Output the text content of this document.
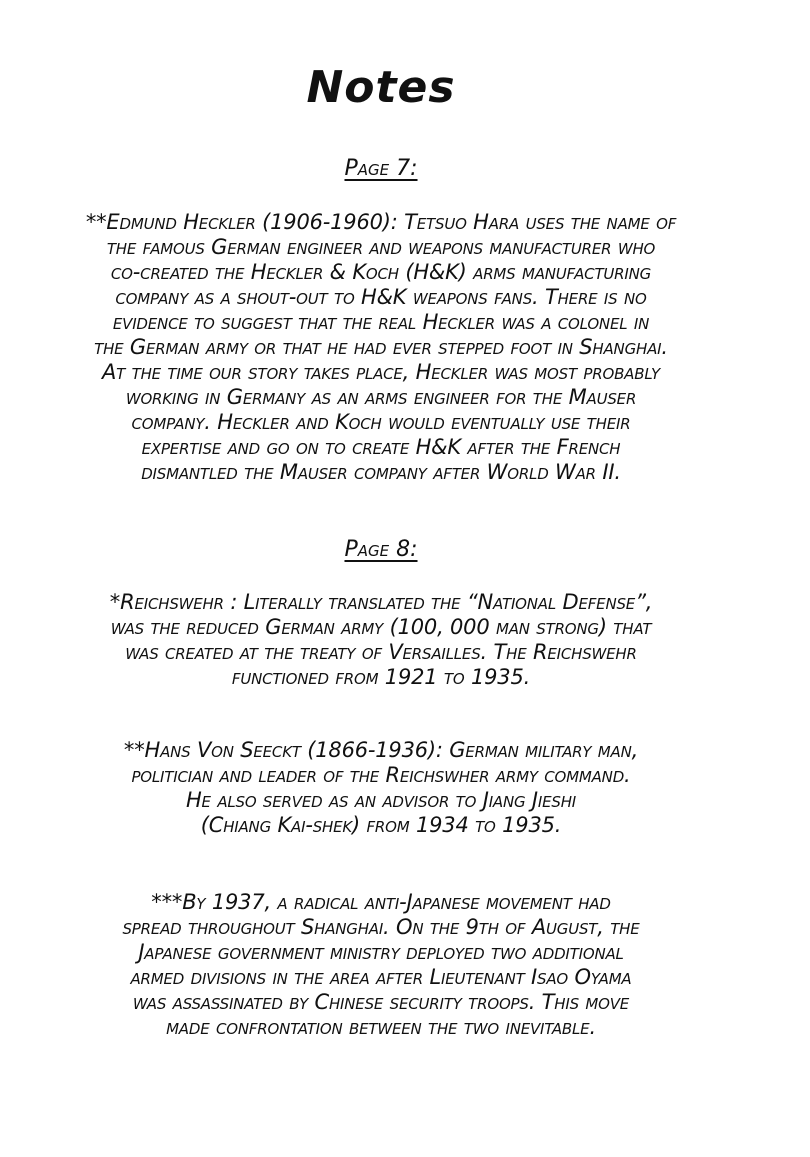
Notes
Page 7:
**Edmund Heckler (1906-1960): Tetsuo Hara uses the name of
the famous German engineer and weapons manufacturer who
co-created the Heckler & Koch (H&K) arms manufacturing
company as a shout-out to H&K weapons fans. There is no
evidence to suggest that the real Heckler was a colonel in
the German army or that he had ever stepped foot in Shanghai.
At the time our story takes place, Heckler was most probably
working in Germany as an arms engineer for the Mauser
company. Heckler and Koch would eventually use their
expertise and go on to create H&K after the French
dismantled the Mauser company after World War II.
Page 8:
*Reichswehr : Literally translated the “National Defense”,
was the reduced German army (100, 000 man strong) that
was created at the treaty of Versailles. The Reichswehr
functioned from 1921 to 1935.
**Hans Von Seeckt (1866-1936): German military man,
politician and leader of the Reichswher army command.
He also served as an advisor to Jiang Jieshi
(Chiang Kai-shek) from 1934 to 1935.
***By 1937, a radical anti-Japanese movement had
spread throughout Shanghai. On the 9th of August, the
Japanese government ministry deployed two additional
armed divisions in the area after Lieutenant Isao Oyama
was assassinated by Chinese security troops. This move
made confrontation between the two inevitable.
